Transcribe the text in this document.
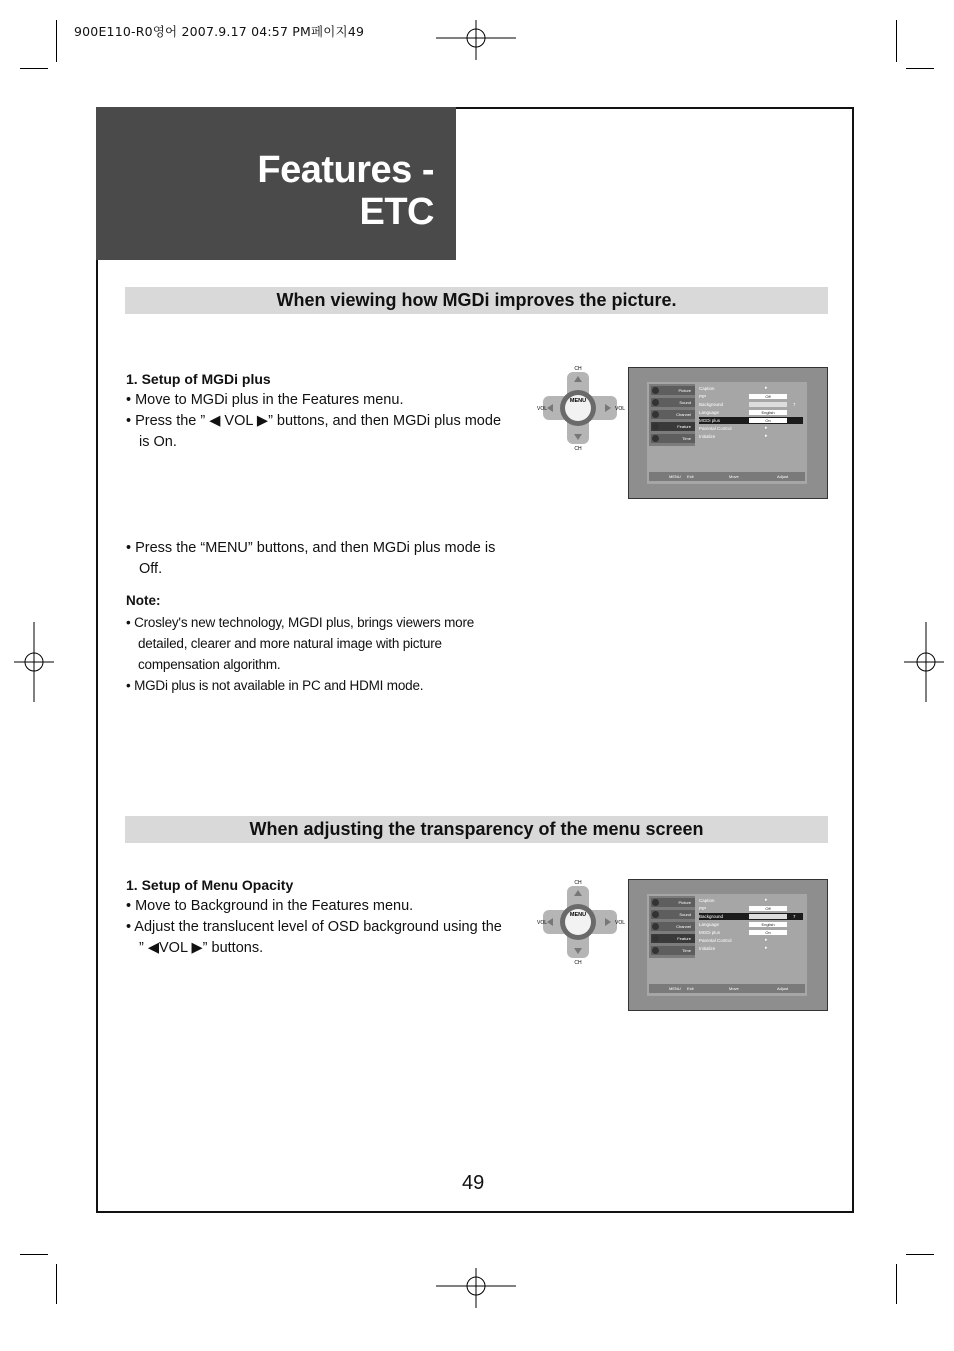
900E110-R0영어 2007.9.17 04:57 PM페이지49
Features -
ETC
When viewing how MGDi improves the picture.
1. Setup of MGDi plus
• Move to MGDi plus in the Features menu.
• Press the ” ◀ VOL ▶” buttons, and then MGDi plus mode
is On.
• Press the “MENU” buttons, and then MGDi plus mode is
Off.
Note:
• Crosley's new technology, MGDI plus, brings viewers more
detailed, clearer and more natural image with picture
compensation algorithm.
• MGDi plus is not available in PC and HDMI mode.
CH
CH
VOL	VOL
MENU
Picture
Sound
Channel
Feature
Time
Caption	▸
PIP	Off
Background	7
Language	English
MGDi plus	On
Parental Control	▸
Initialize	▸
MENU Exit	Move	Adjust
When adjusting the transparency of the menu screen
1. Setup of Menu Opacity
• Move to Background in the Features menu.
• Adjust the translucent level of OSD background using the
” ◀VOL ▶” buttons.
CH
CH
VOL	VOL
MENU
Picture
Sound
Channel
Feature
Time
Caption	▸
PIP	Off
Background	7
Language	English
MGDi plus	On
Parental Control	▸
Initialize	▸
MENU Exit	Move	Adjust
49
